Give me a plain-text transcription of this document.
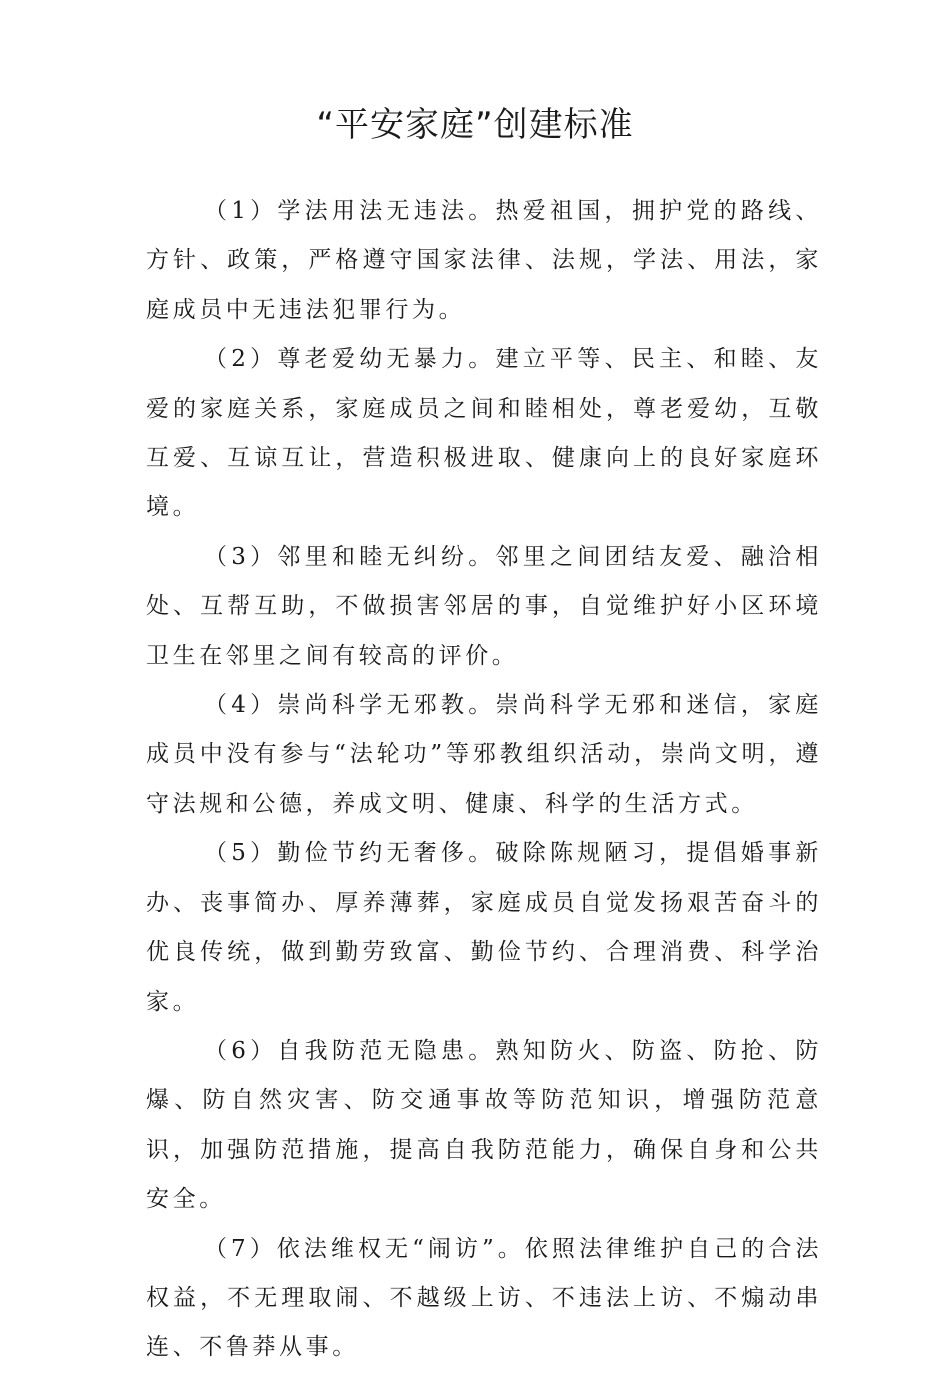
“平安家庭”创建标准

（1）学法用法无违法。热爱祖国，拥护党的路线、方针、政策，严格遵守国家法律、法规，学法、用法，家庭成员中无违法犯罪行为。

（2）尊老爱幼无暴力。建立平等、民主、和睦、友爱的家庭关系，家庭成员之间和睦相处，尊老爱幼，互敬互爱、互谅互让，营造积极进取、健康向上的良好家庭环境。

（3）邻里和睦无纠纷。邻里之间团结友爱、融洽相处、互帮互助，不做损害邻居的事，自觉维护好小区环境卫生在邻里之间有较高的评价。

（4）崇尚科学无邪教。崇尚科学无邪和迷信，家庭成员中没有参与“法轮功”等邪教组织活动，崇尚文明，遵守法规和公德，养成文明、健康、科学的生活方式。

（5）勤俭节约无奢侈。破除陈规陋习，提倡婚事新办、丧事简办、厚养薄葬，家庭成员自觉发扬艰苦奋斗的优良传统，做到勤劳致富、勤俭节约、合理消费、科学治家。

（6）自我防范无隐患。熟知防火、防盗、防抢、防爆、防自然灾害、防交通事故等防范知识，增强防范意识，加强防范措施，提高自我防范能力，确保自身和公共安全。

（7）依法维权无“闹访”。依照法律维护自己的合法权益，不无理取闹、不越级上访、不违法上访、不煽动串连、不鲁莽从事。
